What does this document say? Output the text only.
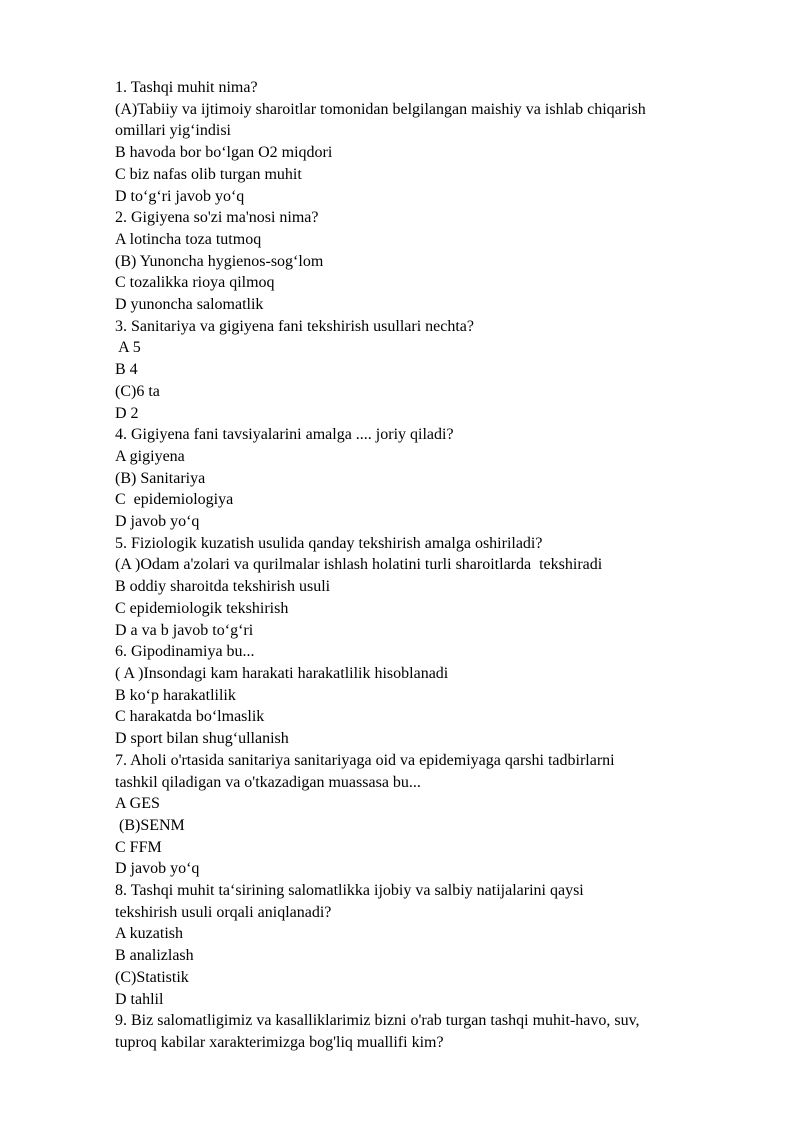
1. Tashqi muhit nima?
(A)Tabiiy va ijtimoiy sharoitlar tomonidan belgilangan maishiy va ishlab chiqarish
omillari yig‘indisi
B havoda bor bo‘lgan O2 miqdori
C biz nafas olib turgan muhit
D to‘g‘ri javob yo‘q
2. Gigiyena so'zi ma'nosi nima?
A lotincha toza tutmoq
(B) Yunoncha hygienos-sog‘lom
C tozalikka rioya qilmoq
D yunoncha salomatlik
3. Sanitariya va gigiyena fani tekshirish usullari nechta?
A 5
B 4
(C)6 ta
D 2
4. Gigiyena fani tavsiyalarini amalga .... joriy qiladi?
A gigiyena
(B) Sanitariya
C  epidemiologiya
D javob yo‘q
5. Fiziologik kuzatish usulida qanday tekshirish amalga oshiriladi?
(A )Odam a'zolari va qurilmalar ishlash holatini turli sharoitlarda  tekshiradi
B oddiy sharoitda tekshirish usuli
C epidemiologik tekshirish
D a va b javob to‘g‘ri
6. Gipodinamiya bu...
( A )Insondagi kam harakati harakatlilik hisoblanadi
B ko‘p harakatlilik
C harakatda bo‘lmaslik
D sport bilan shug‘ullanish
7. Aholi o'rtasida sanitariya sanitariyaga oid va epidemiyaga qarshi tadbirlarni
tashkil qiladigan va o'tkazadigan muassasa bu...
A GES
(B)SENM
C FFM
D javob yo‘q
8. Tashqi muhit ta‘sirining salomatlikka ijobiy va salbiy natijalarini qaysi
tekshirish usuli orqali aniqlanadi?
A kuzatish
B analizlash
(C)Statistik
D tahlil
9. Biz salomatligimiz va kasalliklarimiz bizni o'rab turgan tashqi muhit-havo, suv,
tuproq kabilar xarakterimizga bog'liq muallifi kim?
